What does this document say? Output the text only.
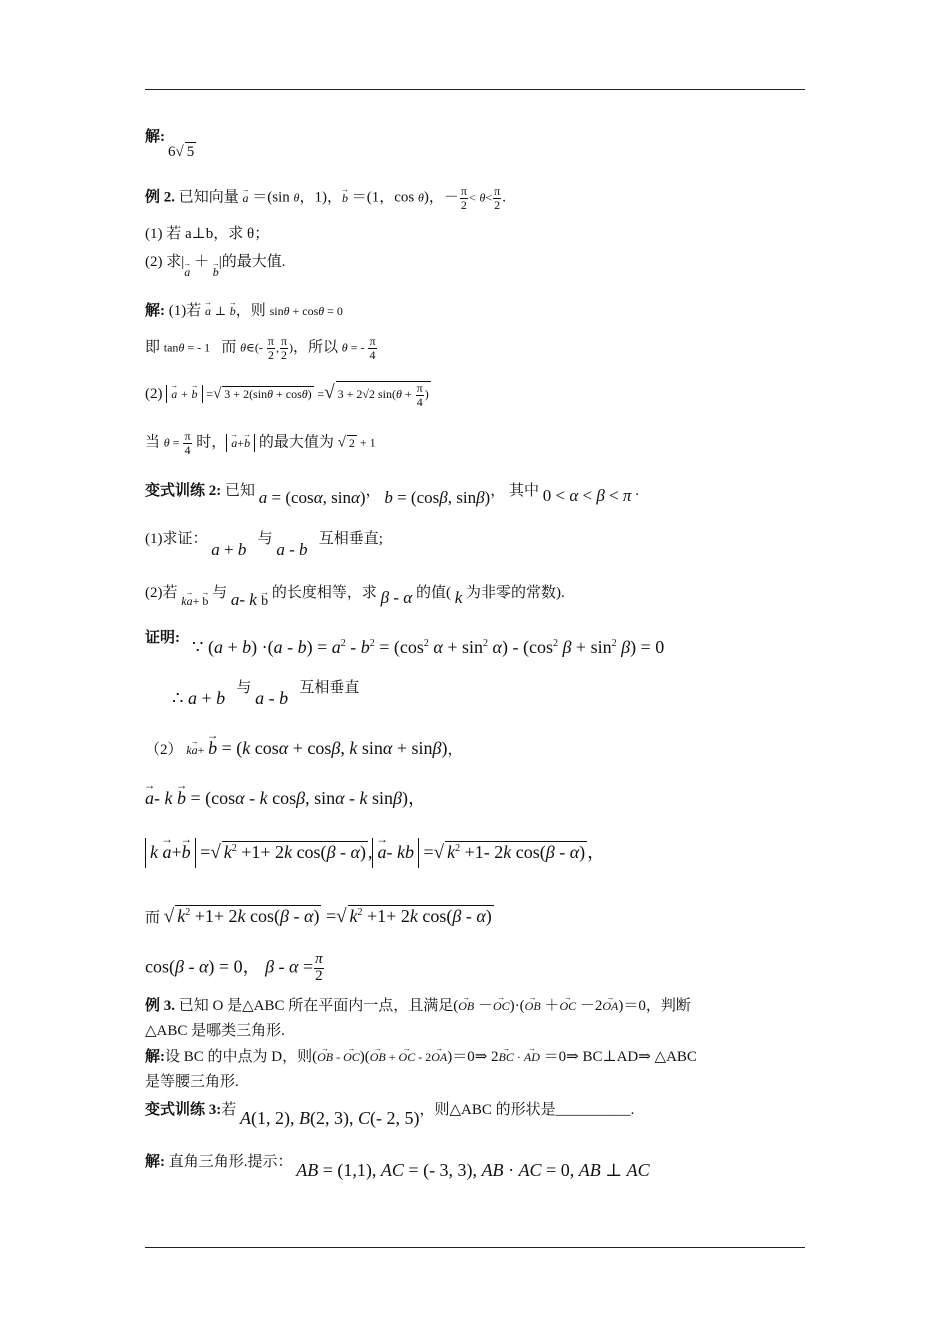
解:
6√ 5
例 2. 已知向量 → a ＝(sin θ，1)，→ b ＝(1，cos θ)，－ $\frac{\pi}{2} < \theta< \frac{\pi}{2}$ .
(1) 若 a⊥b，求 θ；
(2) 求|→ a ＋ → b|的最大值.
解: (1)若 → a ⊥ → b，则 sinθ + cosθ = 0
即 tanθ = - 1   而 θ∈(- $\frac{\pi}{2}$ , $\frac{\pi}{2}$ )，所以 θ = - $\frac{\pi}{4}$
(2) → a + → b =√ 3 + 2(sinθ + cosθ) =√ 3 + 2√2 $\sin(\theta + \frac{\pi}{4}$ )
当 $\theta = \frac{\pi}{4}$ 时， → a+→ b 的最大值为 √ 2 + 1
变式训练 2: 已知 a = (cosα, sinα)， b = (cosβ, sinβ)， 其中 0 < α < β < π .
(1)求证： a + b   与 a - b   互相垂直;
(2)若 $_{k\to a+ \to b}$ 与 a- k → b 的长度相等，求 β - α 的值( k 为非零的常数).
证明: ∵ $(a + b) \cdot(a - b) = a^2 - b^2 = (\cos^2$ $\alpha + \sin^2 \alpha) - (\cos^2$ $\beta + \sin^2 \beta) = 0$
∴ a + b   与 a - b   互相垂直
（2） k→ a+ → b = (k cosα + cosβ, k sinα + sinβ)，
→ a- k → b = (cosα - k cosβ, sinα - k sinβ)，
k → a+→ b =√ $k^2 +1+ 2k$ cos(β - α) , → a- kb =√ $k^2 +1-$ 2k cos(β - α) ，
而 √ $k^2 +1+ 2k$ cos(β - α) =√ $k^2 +1+ 2k$ cos(β - α)
cos(β - α) = 0， $\beta - \alpha = \frac{\pi}{2}$
例 3. 已知 O 是△ABC 所在平面内一点，且满足(→ OB －→ OC)·(→ OB ＋→ OC －2→ OA)＝0，判断
△ABC 是哪类三角形.
解:设 BC 的中点为 D，则(→ OB - → OC)(→ OB + → OC - 2→ OA)＝0⇒ 2→ BC · → AD ＝0⇒ BC⊥AD⇒ △ABC
是等腰三角形.
变式训练 3:若 A(1, 2), B(2, 3), C(- 2, 5)，则△ABC 的形状是__________.
解: 直角三角形.提示： AB = (1,1), AC = (- 3, 3), AB · AC = 0, AB ⊥ AC
